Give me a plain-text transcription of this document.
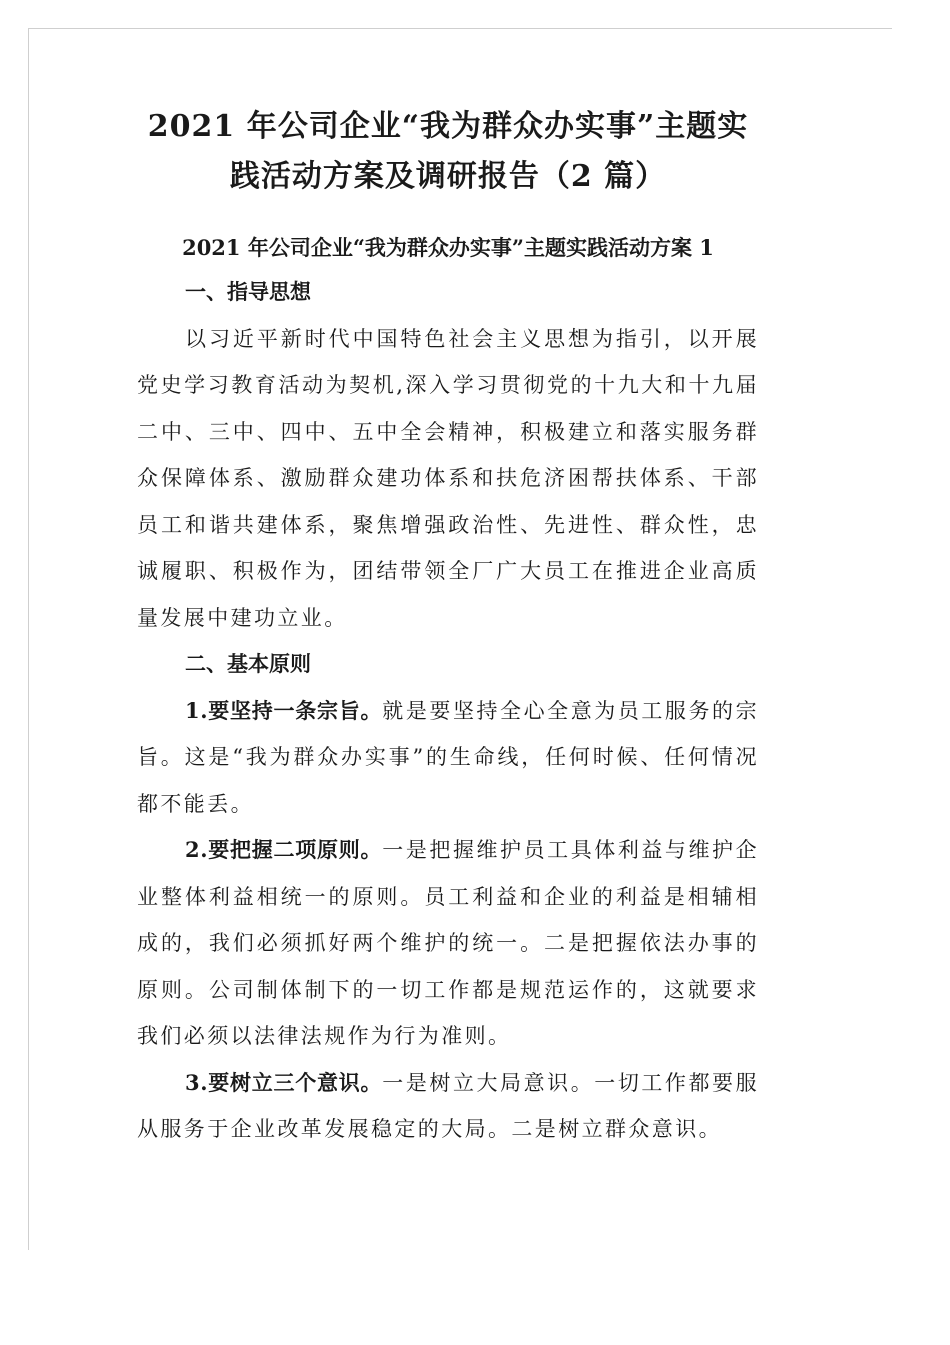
2021 年公司企业“我为群众办实事”主题实
践活动方案及调研报告（2 篇）

2021 年公司企业“我为群众办实事”主题实践活动方案 1

一、指导思想

以习近平新时代中国特色社会主义思想为指引，以开展党史学习教育活动为契机,深入学习贯彻党的十九大和十九届二中、三中、四中、五中全会精神，积极建立和落实服务群众保障体系、激励群众建功体系和扶危济困帮扶体系、干部员工和谐共建体系，聚焦增强政治性、先进性、群众性，忠诚履职、积极作为，团结带领全厂广大员工在推进企业高质量发展中建功立业。

二、基本原则

1.要坚持一条宗旨。就是要坚持全心全意为员工服务的宗旨。这是“我为群众办实事”的生命线，任何时候、任何情况都不能丢。

2.要把握二项原则。一是把握维护员工具体利益与维护企业整体利益相统一的原则。员工利益和企业的利益是相辅相成的，我们必须抓好两个维护的统一。二是把握依法办事的原则。公司制体制下的一切工作都是规范运作的，这就要求我们必须以法律法规作为行为准则。

3.要树立三个意识。一是树立大局意识。一切工作都要服从服务于企业改革发展稳定的大局。二是树立群众意识。
